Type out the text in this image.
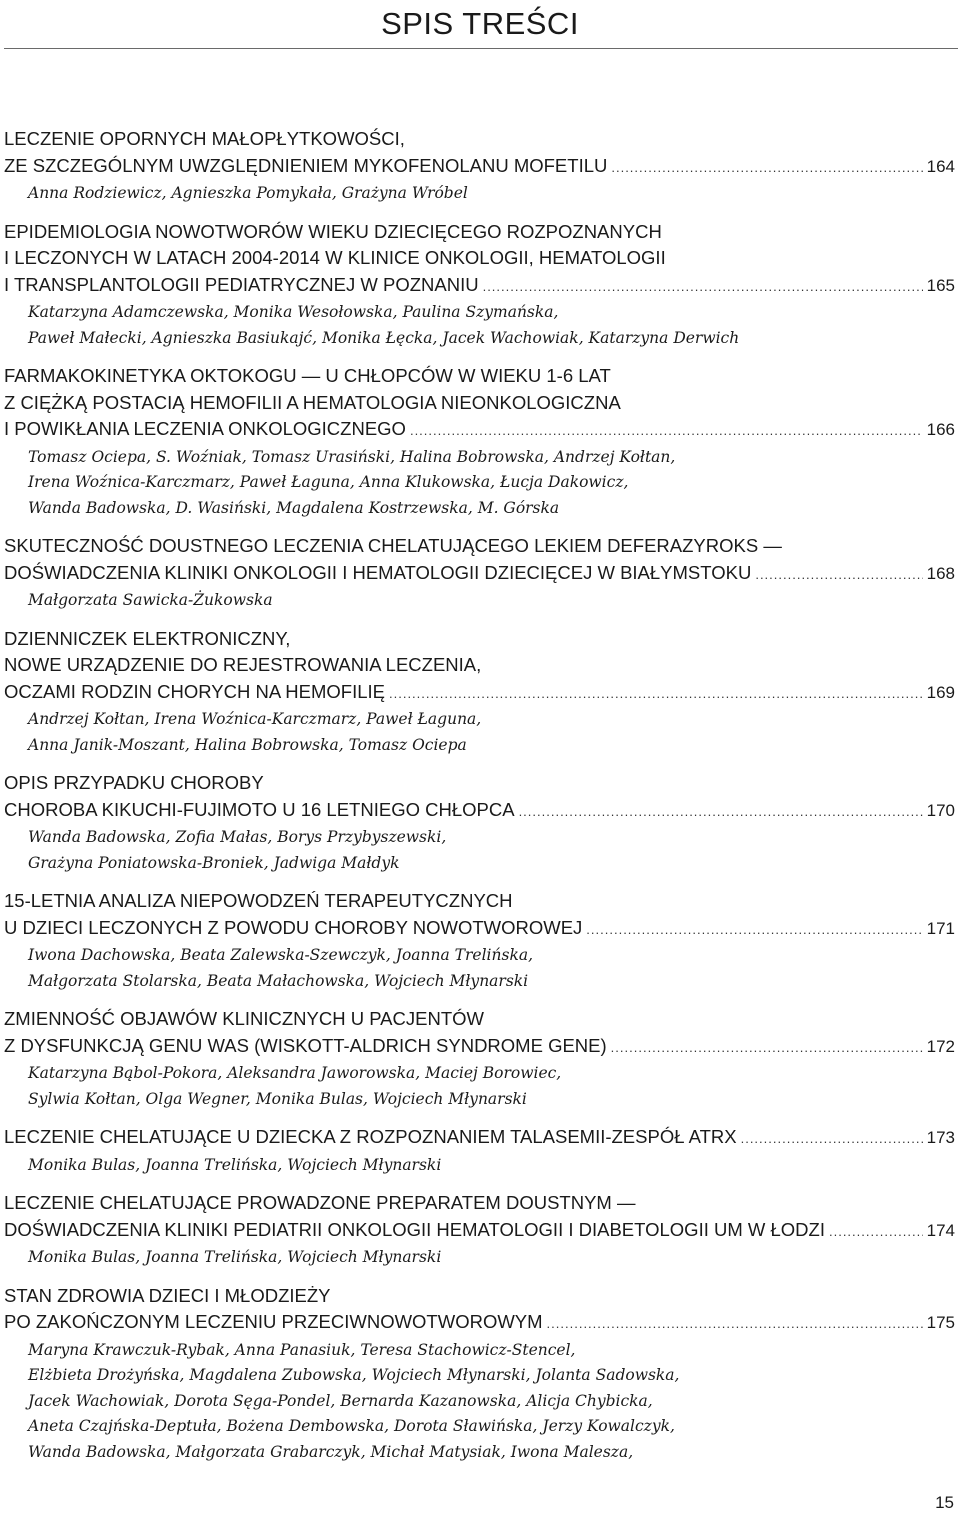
SPIS TREŚCI
LECZENIE OPORNYCH MAŁOPŁYTKOWOŚCI,
ZE SZCZEGÓLNYM UWZGLĘDNIENIEM MYKOFENOLANU MOFETILU .....	164
Anna Rodziewicz, Agnieszka Pomykała, Grażyna Wróbel
EPIDEMIOLOGIA NOWOTWORÓW WIEKU DZIECIĘCEGO ROZPOZNANYCH
I LECZONYCH W LATACH 2004-2014 W KLINICE ONKOLOGII, HEMATOLOGII
I TRANSPLANTOLOGII PEDIATRYCZNEJ W POZNANIU .....	165
Katarzyna Adamczewska, Monika Wesołowska, Paulina Szymańska,
Paweł Małecki, Agnieszka Basiukajć, Monika Łęcka, Jacek Wachowiak, Katarzyna Derwich
FARMAKOKINETYKA OKTOKOGU — U CHŁOPCÓW W WIEKU 1-6 LAT
Z CIĘŻKĄ POSTACIĄ HEMOFILII A HEMATOLOGIA NIEONKOLOGICZNA
I POWIKŁANIA LECZENIA ONKOLOGICZNEGO .....	166
Tomasz Ociepa, S. Woźniak, Tomasz Urasiński, Halina Bobrowska, Andrzej Kołtan,
Irena Woźnica-Karczmarz, Paweł Łaguna, Anna Klukowska, Łucja Dakowicz,
Wanda Badowska, D. Wasiński, Magdalena Kostrzewska, M. Górska
SKUTECZNOŚĆ DOUSTNEGO LECZENIA CHELATUJĄCEGO LEKIEM DEFERAZYROKS —
DOŚWIADCZENIA KLINIKI ONKOLOGII I HEMATOLOGII DZIECIĘCEJ W BIAŁYMSTOKU .....	168
Małgorzata Sawicka-Żukowska
DZIENNICZEK ELEKTRONICZNY,
NOWE URZĄDZENIE DO REJESTROWANIA LECZENIA,
OCZAMI RODZIN CHORYCH NA HEMOFILIĘ .....	169
Andrzej Kołtan, Irena Woźnica-Karczmarz, Paweł Łaguna,
Anna Janik-Moszant, Halina Bobrowska, Tomasz Ociepa
OPIS PRZYPADKU CHOROBY
CHOROBA KIKUCHI-FUJIMOTO U 16 LETNIEGO CHŁOPCA .....	170
Wanda Badowska, Zofia Małas, Borys Przybyszewski,
Grażyna Poniatowska-Broniek, Jadwiga Małdyk
15-LETNIA ANALIZA NIEPOWODZEŃ TERAPEUTYCZNYCH
U DZIECI LECZONYCH Z POWODU CHOROBY NOWOTWOROWEJ .....	171
Iwona Dachowska, Beata Zalewska-Szewczyk, Joanna Trelińska,
Małgorzata Stolarska, Beata Małachowska, Wojciech Młynarski
ZMIENNOŚĆ OBJAWÓW KLINICZNYCH U PACJENTÓW
Z DYSFUNKCJĄ GENU WAS (WISKOTT-ALDRICH SYNDROME GENE) .....	172
Katarzyna Bąbol-Pokora, Aleksandra Jaworowska, Maciej Borowiec,
Sylwia Kołtan, Olga Wegner, Monika Bulas, Wojciech Młynarski
LECZENIE CHELATUJĄCE U DZIECKA Z ROZPOZNANIEM TALASEMII-ZESPÓŁ ATRX .....	173
Monika Bulas, Joanna Trelińska, Wojciech Młynarski
LECZENIE CHELATUJĄCE PROWADZONE PREPARATEM DOUSTNYM —
DOŚWIADCZENIA KLINIKI PEDIATRII ONKOLOGII HEMATOLOGII I DIABETOLOGII UM W ŁODZI .....	174
Monika Bulas, Joanna Trelińska, Wojciech Młynarski
STAN ZDROWIA DZIECI I MŁODZIEŻY
PO ZAKOŃCZONYM LECZENIU PRZECIWNOWOTWOROWYM .....	175
Maryna Krawczuk-Rybak, Anna Panasiuk, Teresa Stachowicz-Stencel,
Elżbieta Drożyńska, Magdalena Zubowska, Wojciech Młynarski, Jolanta Sadowska,
Jacek Wachowiak, Dorota Sęga-Pondel, Bernarda Kazanowska, Alicja Chybicka,
Aneta Czajńska-Deptuła, Bożena Dembowska, Dorota Sławińska, Jerzy Kowalczyk,
Wanda Badowska, Małgorzata Grabarczyk, Michał Matysiak, Iwona Malesza,
15
